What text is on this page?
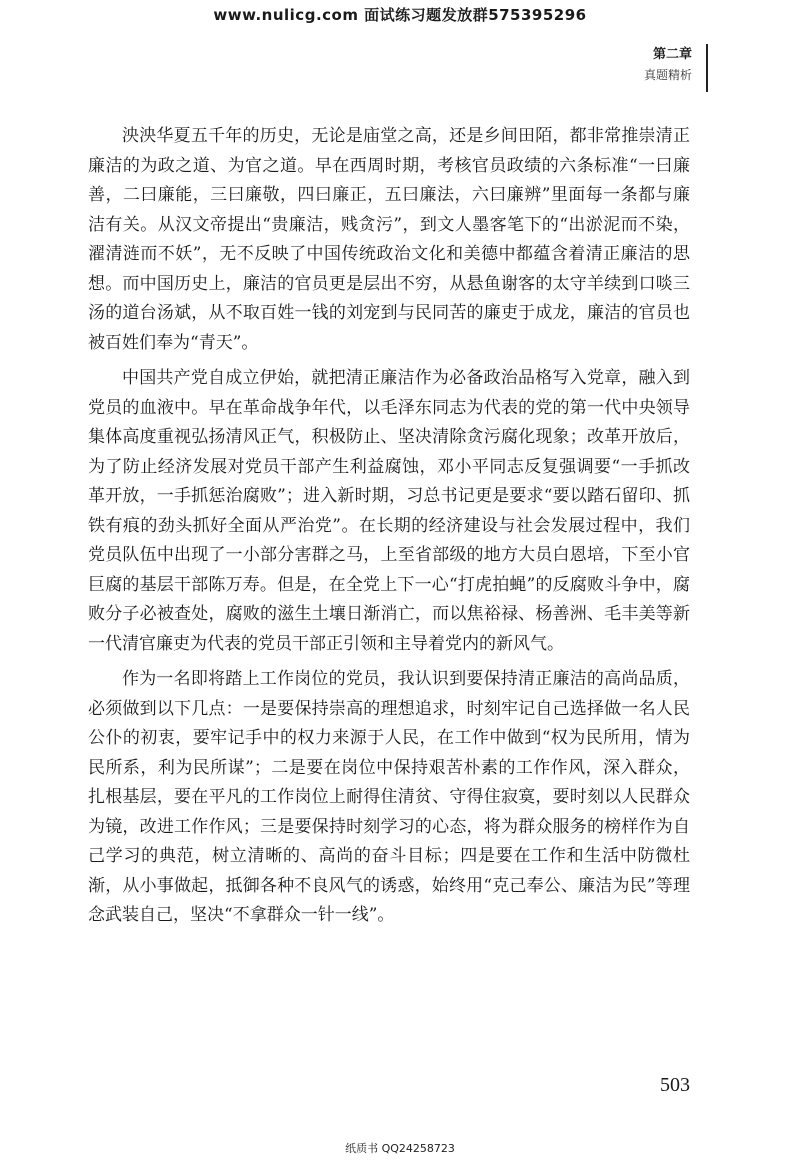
www.nulicg.com 面试练习题发放群575395296
第二章
真题精析

泱泱华夏五千年的历史，无论是庙堂之高，还是乡间田陌，都非常推崇清正廉洁的为政之道、为官之道。早在西周时期，考核官员政绩的六条标准“一曰廉善，二曰廉能，三曰廉敬，四曰廉正，五曰廉法，六曰廉辨”里面每一条都与廉洁有关。从汉文帝提出“贵廉洁，贱贪污”，到文人墨客笔下的“出淤泥而不染，濯清涟而不妖”，无不反映了中国传统政治文化和美德中都蕴含着清正廉洁的思想。而中国历史上，廉洁的官员更是层出不穷，从悬鱼谢客的太守羊续到口啖三汤的道台汤斌，从不取百姓一钱的刘宠到与民同苦的廉吏于成龙，廉洁的官员也被百姓们奉为“青天”。

中国共产党自成立伊始，就把清正廉洁作为必备政治品格写入党章，融入到党员的血液中。早在革命战争年代，以毛泽东同志为代表的党的第一代中央领导集体高度重视弘扬清风正气，积极防止、坚决清除贪污腐化现象；改革开放后，为了防止经济发展对党员干部产生利益腐蚀，邓小平同志反复强调要“一手抓改革开放，一手抓惩治腐败”；进入新时期，习总书记更是要求“要以踏石留印、抓铁有痕的劲头抓好全面从严治党”。在长期的经济建设与社会发展过程中，我们党员队伍中出现了一小部分害群之马，上至省部级的地方大员白恩培，下至小官巨腐的基层干部陈万寿。但是，在全党上下一心“打虎拍蝇”的反腐败斗争中，腐败分子必被查处，腐败的滋生土壤日渐消亡，而以焦裕禄、杨善洲、毛丰美等新一代清官廉吏为代表的党员干部正引领和主导着党内的新风气。

作为一名即将踏上工作岗位的党员，我认识到要保持清正廉洁的高尚品质，必须做到以下几点：一是要保持崇高的理想追求，时刻牢记自己选择做一名人民公仆的初衷，要牢记手中的权力来源于人民，在工作中做到“权为民所用，情为民所系，利为民所谋”；二是要在岗位中保持艰苦朴素的工作作风，深入群众，扎根基层，要在平凡的工作岗位上耐得住清贫、守得住寂寞，要时刻以人民群众为镜，改进工作作风；三是要保持时刻学习的心态，将为群众服务的榜样作为自己学习的典范，树立清晰的、高尚的奋斗目标；四是要在工作和生活中防微杜渐，从小事做起，抵御各种不良风气的诱惑，始终用“克己奉公、廉洁为民”等理念武装自己，坚决“不拿群众一针一线”。

503
纸质书 QQ24258723
